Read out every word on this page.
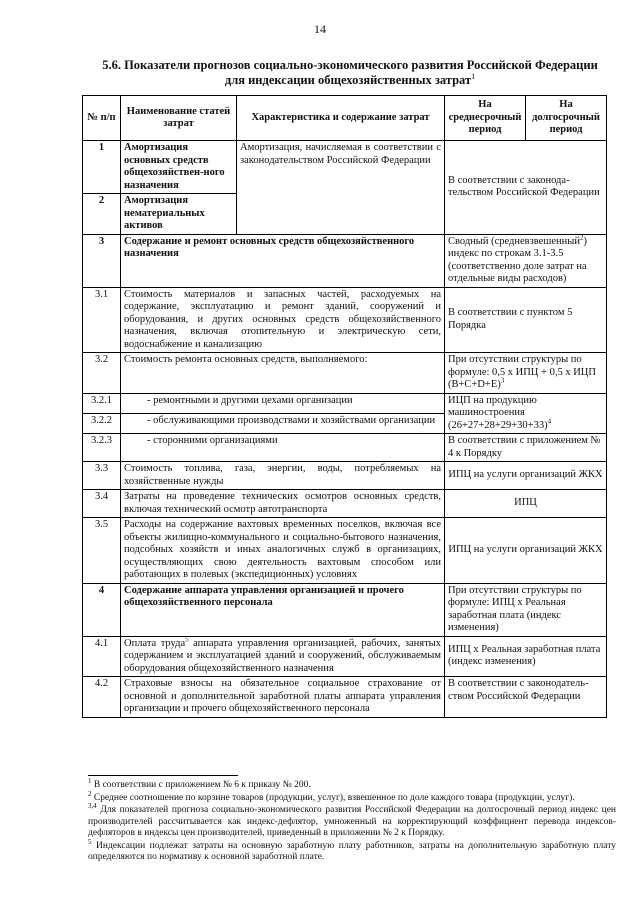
14
5.6. Показатели прогнозов социально-экономического развития Российской Федерации
для индексации общехозяйственных затрат$^1$
№ п/п	Наименование статей затрат	Характеристика и содержание затрат	На среднесрочный период	На долгосрочный период
1	Амортизация основных средств общехозяйствен-ного назначения	Амортизация, начисляемая в соответствии с законодательством Российской Федерации	В соответствии с законода-тельством Российской Федерации	
2	Амортизация нематериальных активов			
3	Содержание и ремонт основных средств общехозяйственного назначения		Сводный (средневзвешенный$^2$) индекс по строкам 3.1-3.5 (соответственно доле затрат на отдельные виды расходов)	
3.1	Стоимость материалов и запасных частей, расходуемых на содержание, эксплуатацию и ремонт зданий, сооружений и оборудования, и других основных средств общехозяйственного назначения, включая отопительную и электрическую сети, водоснабжение и канализацию		В соответствии с пунктом 5 Порядка	
3.2	Стоимость ремонта основных средств, выполняемого:		При отсутствии структуры по формуле: 0,5 х ИПЦ + 0,5 х ИЦП $(В+С+D+E)^3$
3.2.1	- ремонтными и другими цехами организации		ИЦП на продукцию машиностроения $(26+27+28+29+30+33)^4$
3.2.2	- обслуживающими производствами и хозяйствами организации			
3.2.3	- сторонними организациями		В соответствии с приложением № 4 к Порядку	
3.3	Стоимость топлива, газа, энергии, воды, потребляемых на хозяйственные нужды		ИПЦ на услуги организаций ЖКХ	
3.4	Затраты на проведение технических осмотров основных средств, включая технический осмотр автотранспорта		ИПЦ	
3.5	Расходы на содержание вахтовых временных поселков, включая все объекты жилищно-коммунального и социально-бытового назначения, подсобных хозяйств и иных аналогичных служб в организациях, осуществляющих свою деятельность вахтовым способом или работающих в полевых (экспедиционных) условиях		ИПЦ на услуги организаций ЖКХ	
4	Содержание аппарата управления организацией и прочего общехозяйственного персонала		При отсутствии структуры по формуле: ИПЦ х Реальная заработная плата (индекс изменения)	
4.1	Оплата труда$^5$ аппарата управления организацией, рабочих, занятых содержанием и эксплуатацией зданий и сооружений, обслуживаемым оборудования общехозяйственного назначения		ИПЦ х Реальная заработная плата (индекс изменения)	
4.2	Страховые взносы на обязательное социальное страхование от основной и дополнительной заработной платы аппарата управления организации и прочего общехозяйственного персонала		В соответствии с законодатель-ством Российской Федерации	

$^1$ В соответствии с приложением № 6 к приказу № 200.

$^2$ Среднее соотношение по корзине товаров (продукции, услуг), взвешенное по доле каждого товара (продукции, услуг).

$^{3,4}$ Для показателей прогноза социально-экономического развития Российской Федерации на долгосрочный период индекс цен производителей рассчитывается как индекс-дефлятор, умноженный на корректирующий коэффициент перевода индексов-дефляторов в индексы цен производителей, приведенный в приложении № 2 к Порядку.

$^5$ Индексации подлежат затраты на основную заработную плату работников, затраты на дополнительную заработную плату определяются по нормативу к основной заработной плате.
